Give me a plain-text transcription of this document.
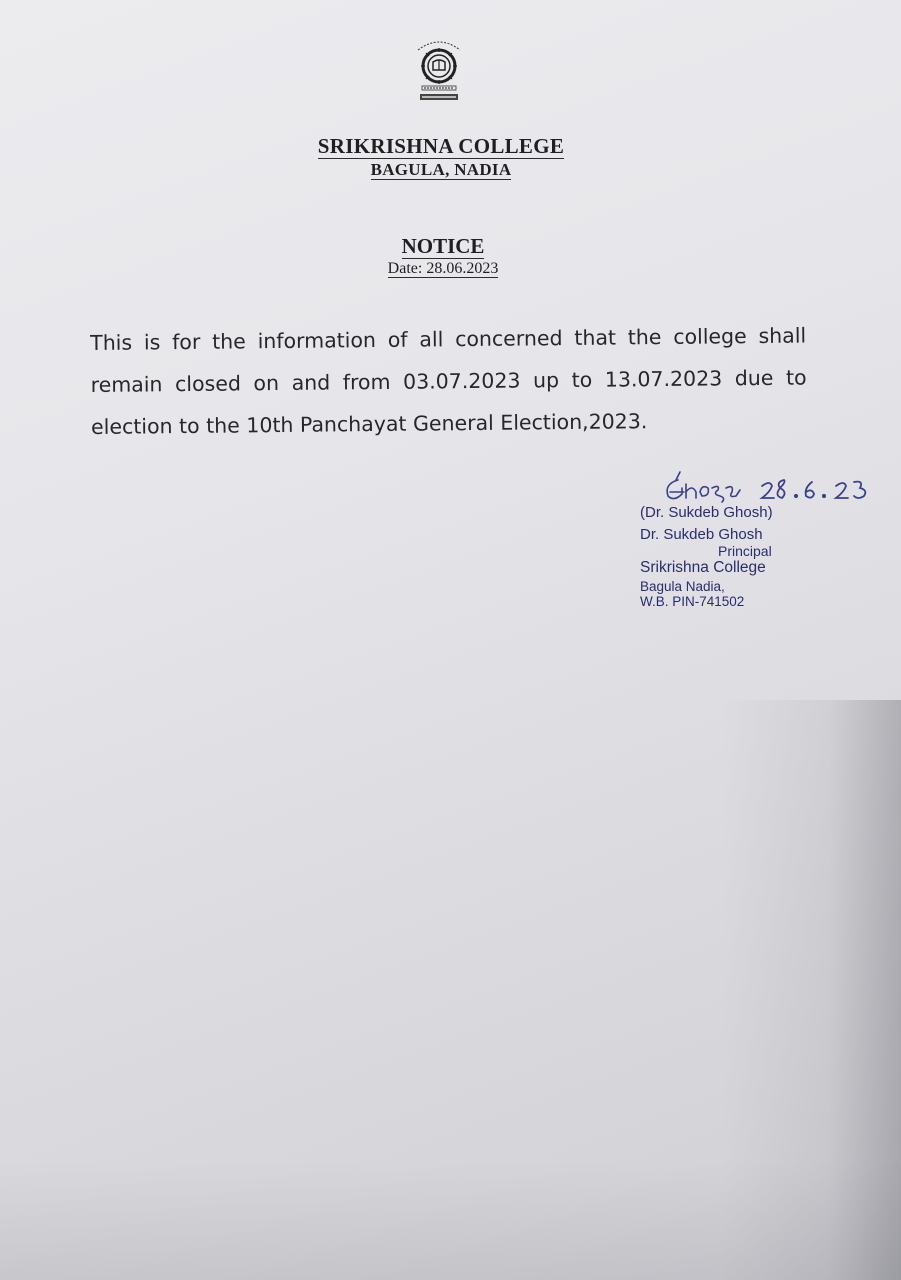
SRIKRISHNA COLLEGE
BAGULA, NADIA
NOTICE
Date: 28.06.2023
This is for the information of all concerned that the college shall remain closed on and from 03.07.2023 up to 13.07.2023 due to election to the 10th Panchayat General Election,2023.
(Dr. Sukdeb Ghosh)
Dr. Sukdeb Ghosh
Principal
Srikrishna College
Bagula Nadia,
W.B. PIN-741502
